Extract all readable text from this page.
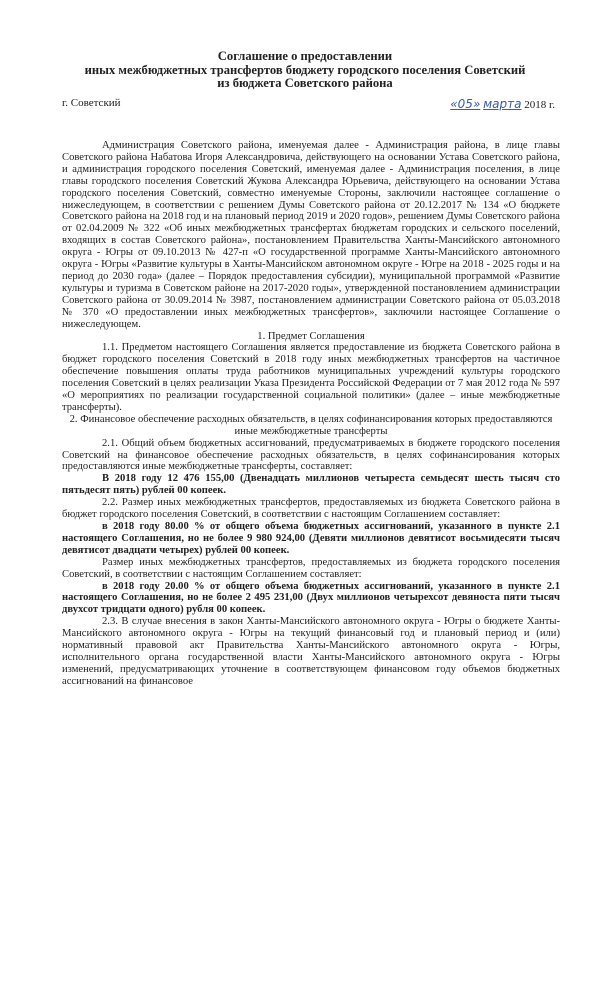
Соглашение о предоставлении
иных межбюджетных трансфертов бюджету городского поселения Советский
из бюджета Советского района
г. Советский	«05» марта 2018 г.

Администрация Советского района, именуемая далее - Администрация района, в лице главы Советского района Набатова Игоря Александровича, действующего на основании Устава Советского района, и администрация городского поселения Советский, именуемая далее - Администрация поселения, в лице главы городского поселения Советский Жукова Александра Юрьевича, действующего на основании Устава городского поселения Советский, совместно именуемые Стороны, заключили настоящее соглашение о нижеследующем, в соответствии с решением Думы Советского района от 20.12.2017 № 134 «О бюджете Советского района на 2018 год и на плановый период 2019 и 2020 годов», решением Думы Советского района от 02.04.2009 № 322 «Об иных межбюджетных трансфертах бюджетам городских и сельского поселений, входящих в состав Советского района», постановлением Правительства Ханты-Мансийского автономного округа - Югры от 09.10.2013 № 427-п «О государственной программе Ханты-Мансийского автономного округа - Югры «Развитие культуры в Ханты-Мансийском автономном округе - Югре на 2018 - 2025 годы и на период до 2030 года» (далее – Порядок предоставления субсидии), муниципальной программой «Развитие культуры и туризма в Советском районе на 2017-2020 годы», утвержденной постановлением администрации Советского района от 30.09.2014 № 3987, постановлением администрации Советского района от 05.03.2018 № 370 «О предоставлении иных межбюджетных трансфертов», заключили настоящее Соглашение о нижеследующем.

1. Предмет Соглашения

1.1. Предметом настоящего Соглашения является предоставление из бюджета Советского района в бюджет городского поселения Советский в 2018 году иных межбюджетных трансфертов на частичное обеспечение повышения оплаты труда работников муниципальных учреждений культуры городского поселения Советский в целях реализации Указа Президента Российской Федерации от 7 мая 2012 года № 597 «О мероприятиях по реализации государственной социальной политики» (далее – иные межбюджетные трансферты).

2. Финансовое обеспечение расходных обязательств, в целях софинансирования которых предоставляются иные межбюджетные трансферты

2.1. Общий объем бюджетных ассигнований, предусматриваемых в бюджете городского поселения Советский на финансовое обеспечение расходных обязательств, в целях софинансирования которых предоставляются иные межбюджетные трансферты, составляет:

В 2018 году 12 476 155,00 (Двенадцать миллионов четыреста семьдесят шесть тысяч сто пятьдесят пять) рублей 00 копеек.

2.2. Размер иных межбюджетных трансфертов, предоставляемых из бюджета Советского района в бюджет городского поселения Советский, в соответствии с настоящим Соглашением составляет:

в 2018 году 80.00 % от общего объема бюджетных ассигнований, указанного в пункте 2.1 настоящего Соглашения, но не более 9 980 924,00 (Девяти миллионов девятисот восьмидесяти тысяч девятисот двадцати четырех) рублей 00 копеек.

Размер иных межбюджетных трансфертов, предоставляемых из бюджета городского поселения Советский, в соответствии с настоящим Соглашением составляет:

в 2018 году 20.00 % от общего объема бюджетных ассигнований, указанного в пункте 2.1 настоящего Соглашения, но не более 2 495 231,00 (Двух миллионов четырехсот девяноста пяти тысяч двухсот тридцати одного) рубля 00 копеек.

2.3. В случае внесения в закон Ханты-Мансийского автономного округа - Югры о бюджете Ханты-Мансийского автономного округа - Югры на текущий финансовый год и плановый период и (или) нормативный правовой акт Правительства Ханты-Мансийского автономного округа - Югры, исполнительного органа государственной власти Ханты-Мансийского автономного округа - Югры изменений, предусматривающих уточнение в соответствующем финансовом году объемов бюджетных ассигнований на финансовое
